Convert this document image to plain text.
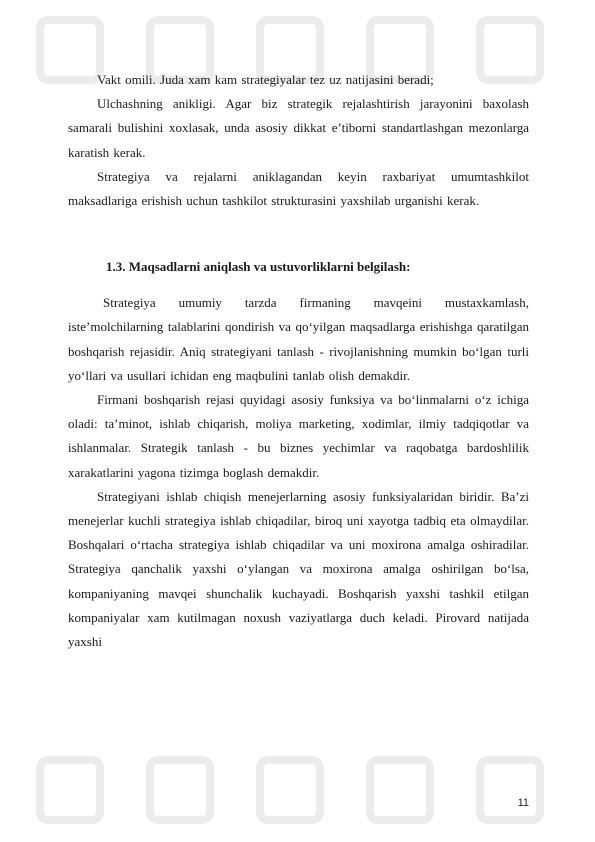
Vakt omili. Juda xam kam strategiyalar tez uz natijasini beradi;

Ulchashning anikligi. Agar biz strategik rejalashtirish jarayonini baxolash samarali bulishini xoxlasak, unda asosiy dikkat e’tiborni standartlashgan mezonlarga karatish kerak.

Strategiya va rejalarni aniklagandan keyin raxbariyat umumtashkilot maksadlariga erishish uchun tashkilot strukturasini yaxshilab urganishi kerak.

1.3. Maqsadlarni aniqlash va ustuvorliklarni belgilash:

Strategiya umumiy tarzda firmaning mavqeini mustaxkamlash, iste’molchilarning talablarini qondirish va qo‘yilgan maqsadlarga erishishga qaratilgan boshqarish rejasidir. Aniq strategiyani tanlash - rivojlanishning mumkin bo‘lgan turli yo‘llari va usullari ichidan eng maqbulini tanlab olish demakdir.

Firmani boshqarish rejasi quyidagi asosiy funksiya va bo‘linmalarni o‘z ichiga oladi: ta’minot, ishlab chiqarish, moliya marketing, xodimlar, ilmiy tadqiqotlar va ishlanmalar. Strategik tanlash - bu biznes yechimlar va raqobatga bardoshlilik xarakatlarini yagona tizimga boglash demakdir.

Strategiyani ishlab chiqish menejerlarning asosiy funksiyalaridan biridir. Ba’zi menejerlar kuchli strategiya ishlab chiqadilar, biroq uni xayotga tadbiq eta olmaydilar. Boshqalari o‘rtacha strategiya ishlab chiqadilar va uni moxirona amalga oshiradilar. Strategiya qanchalik yaxshi o‘ylangan va moxirona amalga oshirilgan bo‘lsa, kompaniyaning mavqei shunchalik kuchayadi. Boshqarish yaxshi tashkil etilgan kompaniyalar xam kutilmagan noxush vaziyatlarga duch keladi. Pirovard natijada yaxshi

11
